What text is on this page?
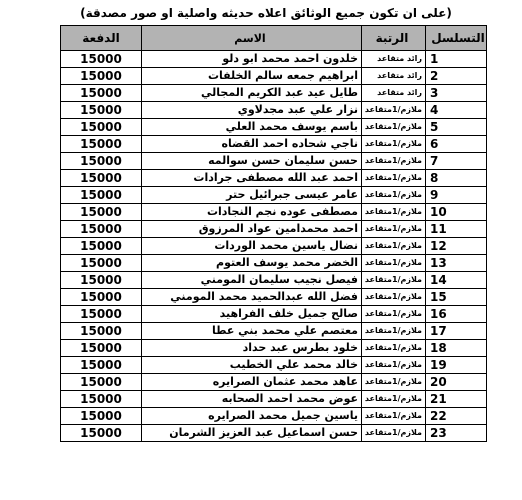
(على ان تكون جميع الوثائق اعلاه حديثه واصلية او صور مصدقة)
الدفعة	الاسم	الرتبة	التسلسل
15000	خلدون احمد محمد ابو دلو	رائد متقاعد	1
15000	ابراهيم جمعه سالم الخلفات	رائد متقاعد	2
15000	طايل عيد عبد الكريم المجالي	رائد متقاعد	3
15000	نزار علي عبد مجدلاوي	ملازم/1متقاعد	4
15000	باسم يوسف محمد العلي	ملازم/1متقاعد	5
15000	ناجي شحاده احمد القضاه	ملازم/1متقاعد	6
15000	حسن سليمان حسن سوالمه	ملازم/1متقاعد	7
15000	احمد عبد الله مصطفى جرادات	ملازم/1متقاعد	8
15000	عامر عيسى جبرائيل حتر	ملازم/1متقاعد	9
15000	مصطفى عوده نجم النجادات	ملازم/1متقاعد	10
15000	احمد محمدامين عواد المرزوق	ملازم/1متقاعد	11
15000	نضال ياسين محمد الوردات	ملازم/1متقاعد	12
15000	الخضر محمد يوسف العتوم	ملازم/1متقاعد	13
15000	فيصل نجيب سليمان المومني	ملازم/1متقاعد	14
15000	فضل الله عبدالحميد محمد المومني	ملازم/1متقاعد	15
15000	صالح جميل خلف الفراهيد	ملازم/1متقاعد	16
15000	معتصم علي محمد بني عطا	ملازم/1متقاعد	17
15000	خلود بطرس عبد حداد	ملازم/1متقاعد	18
15000	خالد محمد علي الخطيب	ملازم/1متقاعد	19
15000	عاهد محمد عثمان الصرايره	ملازم/1متقاعد	20
15000	عوض محمد احمد الصحابه	ملازم/1متقاعد	21
15000	ياسين جميل محمد الصرايره	ملازم/1متقاعد	22
15000	حسن اسماعيل عبد العزيز الشرمان	ملازم/1متقاعد	23
